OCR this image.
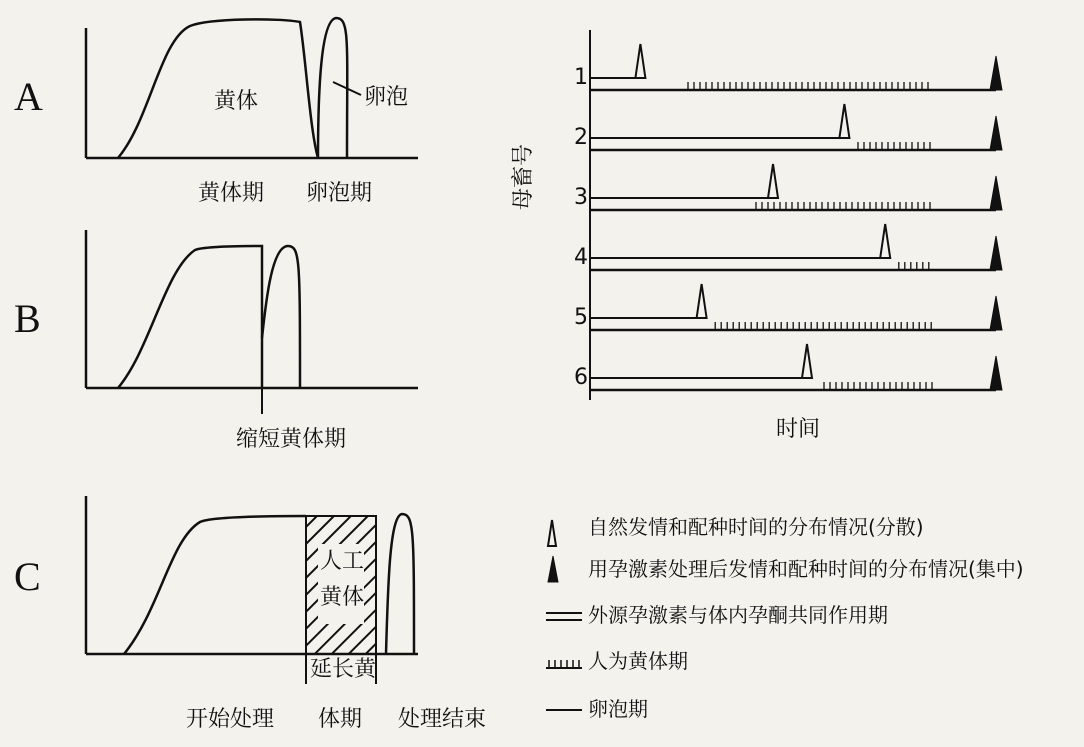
A	黄体	卵泡
黄体期 卵泡期
B
缩短黄体期
C	人工
黄体
延长黄
体期
开始处理	处理结束
母畜号
时间
1
2
3
4
5
6
自然发情和配种时间的分布情况(分散)
用孕激素处理后发情和配种时间的分布情况(集中)
外源孕激素与体内孕酮共同作用期
人为黄体期
卵泡期
